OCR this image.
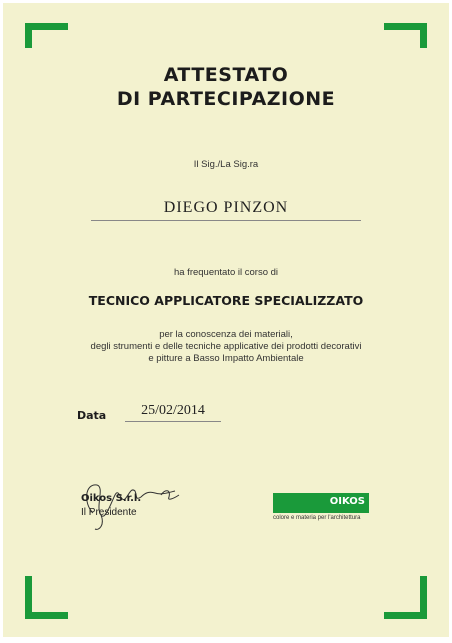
ATTESTATO
DI PARTECIPAZIONE
Il Sig./La Sig.ra
DIEGO PINZON
ha frequentato il corso di
TECNICO APPLICATORE SPECIALIZZATO
per la conoscenza dei materiali,
degli strumenti e delle tecniche applicative dei prodotti decorativi
e pitture a Basso Impatto Ambientale
Data	25/02/2014
Oikos S.r.l.
Il Presidente
OIKOS
colore e materia per l'architettura
